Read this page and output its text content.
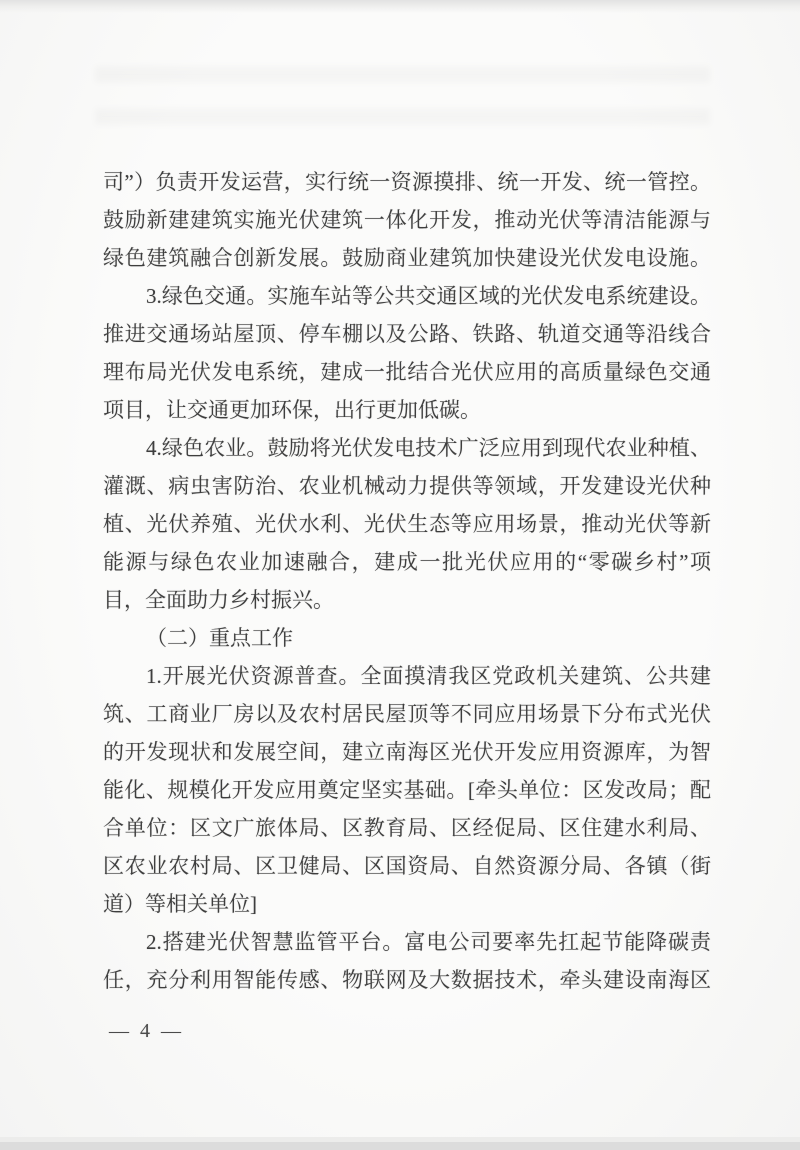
司”）负责开发运营，实行统一资源摸排、统一开发、统一管控。
鼓励新建建筑实施光伏建筑一体化开发，推动光伏等清洁能源与
绿色建筑融合创新发展。鼓励商业建筑加快建设光伏发电设施。
3.绿色交通。实施车站等公共交通区域的光伏发电系统建设。
推进交通场站屋顶、停车棚以及公路、铁路、轨道交通等沿线合
理布局光伏发电系统，建成一批结合光伏应用的高质量绿色交通
项目，让交通更加环保，出行更加低碳。
4.绿色农业。鼓励将光伏发电技术广泛应用到现代农业种植、
灌溉、病虫害防治、农业机械动力提供等领域，开发建设光伏种
植、光伏养殖、光伏水利、光伏生态等应用场景，推动光伏等新
能源与绿色农业加速融合，建成一批光伏应用的“零碳乡村”项
目，全面助力乡村振兴。
（二）重点工作
1.开展光伏资源普查。全面摸清我区党政机关建筑、公共建
筑、工商业厂房以及农村居民屋顶等不同应用场景下分布式光伏
的开发现状和发展空间，建立南海区光伏开发应用资源库，为智
能化、规模化开发应用奠定坚实基础。[牵头单位：区发改局；配
合单位：区文广旅体局、区教育局、区经促局、区住建水利局、
区农业农村局、区卫健局、区国资局、自然资源分局、各镇（街
道）等相关单位]
2.搭建光伏智慧监管平台。富电公司要率先扛起节能降碳责
任，充分利用智能传感、物联网及大数据技术，牵头建设南海区
— 4 —
